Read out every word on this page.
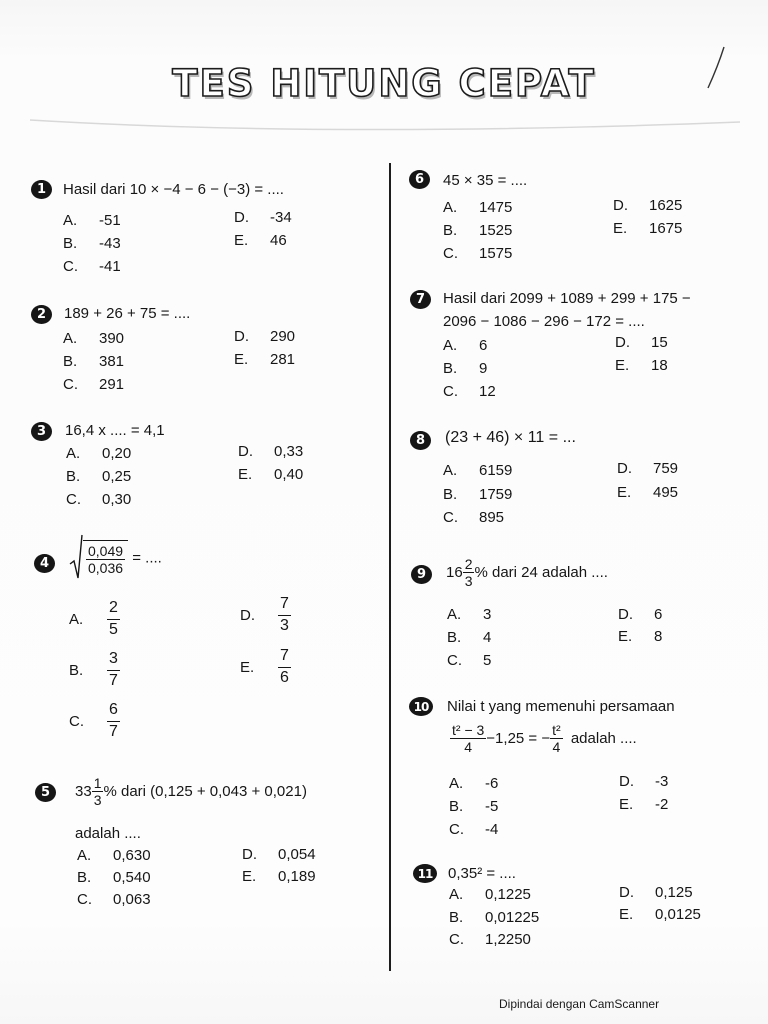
TES HITUNG CEPAT
1	Hasil dari 10 × −4 − 6 − (−3) = ....
A. -51
B. -43
C. -41
D. -34
E. 46
2	189 + 26 + 75 = ....
A. 390
B. 381
C. 291
D. 290
E. 281
3	16,4 x .... = 4,1
A. 0,20
B. 0,25
C. 0,30
D. 0,33
E. 0,40
4	$\frac{0,049}{0,036}$ = ....
A. $\frac{2}{5}$
B. $\frac{3}{7}$
C. $\frac{6}{7}$
D. $\frac{7}{3}$
E. $\frac{7}{6}$
5	$33 \frac{1}{3}$ % dari (0,125 + 0,043 + 0,021)
adalah ....
A. 0,630
B. 0,540
C. 0,063
D. 0,054
E. 0,189
6	45 × 35 = ....
A. 1475
B. 1525
C. 1575
D. 1625
E. 1675
7	Hasil dari 2099 + 1089 + 299 + 175 −
2096 − 1086 − 296 − 172 = ....
A. 6
B. 9
C. 12
D. 15
E. 18
8	(23 + 46) × 11 = ...
A. 6159
B. 1759
C. 895
D. 759
E. 495
9	$16 \frac{2}{3}$ % dari 24 adalah ....
A. 3
B. 4
C. 5
D. 6
E. 8
10	Nilai t yang memenuhi persamaan
$\frac{\text{t² − 3}}{4} -1,25$ = − $\frac{\text{t²}}{4}$ adalah ....
A. -6
B. -5
C. -4
D. -3
E. -2
11	0,35² = ....
A. 0,1225
B. 0,01225
C. 1,2250
D. 0,125
E. 0,0125
Dipindai dengan CamScanner
